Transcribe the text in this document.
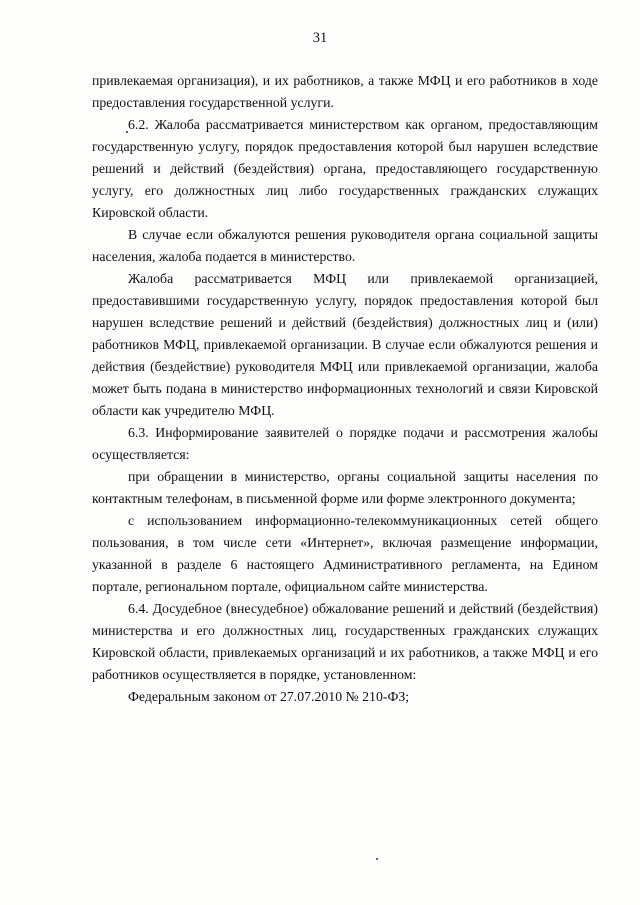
31

привлекаемая организация), и их работников, а также МФЦ и его работников в ходе предоставления государственной услуги.

6.2. Жалоба рассматривается министерством как органом, предоставляющим государственную услугу, порядок предоставления которой был нарушен вследствие решений и действий (бездействия) органа, предоставляющего государственную услугу, его должностных лиц либо государственных гражданских служащих Кировской области.

В случае если обжалуются решения руководителя органа социальной защиты населения, жалоба подается в министерство.

Жалоба рассматривается МФЦ или привлекаемой организацией, предоставившими государственную услугу, порядок предоставления которой был нарушен вследствие решений и действий (бездействия) должностных лиц и (или) работников МФЦ, привлекаемой организации. В случае если обжалуются решения и действия (бездействие) руководителя МФЦ или привлекаемой организации, жалоба может быть подана в министерство информационных технологий и связи Кировской области как учредителю МФЦ.

6.3. Информирование заявителей о порядке подачи и рассмотрения жалобы осуществляется:

при обращении в министерство, органы социальной защиты населения по контактным телефонам, в письменной форме или форме электронного документа;

с использованием информационно-телекоммуникационных сетей общего пользования, в том числе сети «Интернет», включая размещение информации, указанной в разделе 6 настоящего Административного регламента, на Едином портале, региональном портале, официальном сайте министерства.

6.4. Досудебное (внесудебное) обжалование решений и действий (бездействия) министерства и его должностных лиц, государственных гражданских служащих Кировской области, привлекаемых организаций и их работников, а также МФЦ и его работников осуществляется в порядке, установленном:

Федеральным законом от 27.07.2010 № 210-ФЗ;
